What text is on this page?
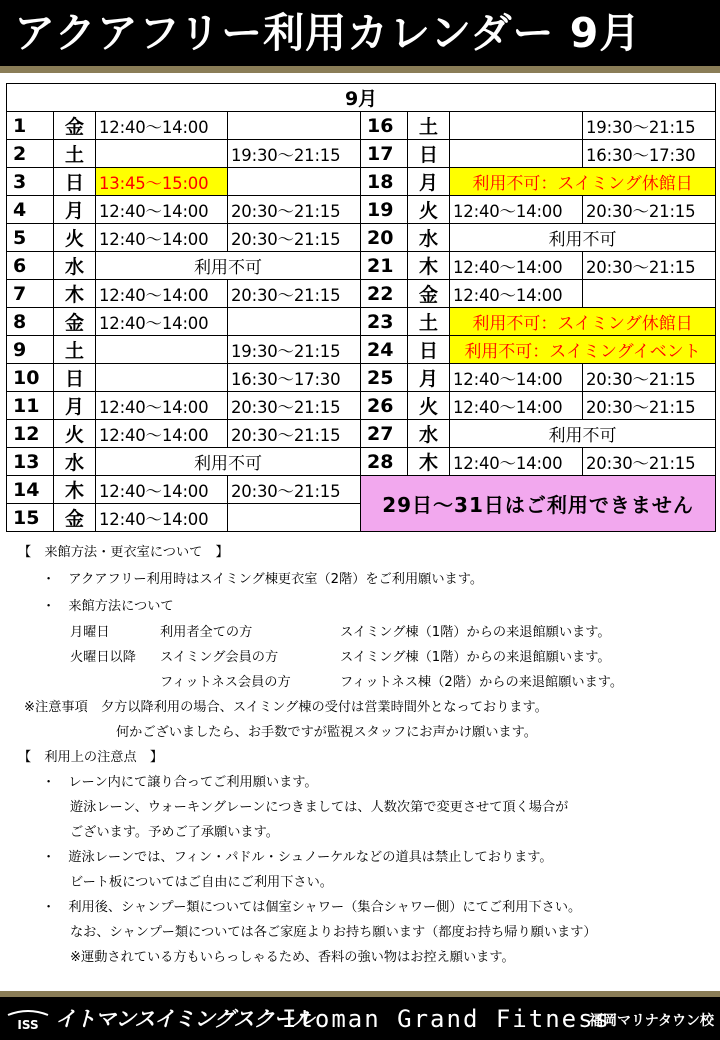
アクアフリー利用カレンダー 9月
9月							
1	金	12:40～14:00		16	土		19:30～21:15
2	土		19:30～21:15	17	日		16:30～17:30
3	日	13:45～15:00		18	月	利用不可：スイミング休館日	
4	月	12:40～14:00	20:30～21:15	19	火	12:40～14:00	20:30～21:15
5	火	12:40～14:00	20:30～21:15	20	水	利用不可	
6	水	利用不可		21	木	12:40～14:00	20:30～21:15
7	木	12:40～14:00	20:30～21:15	22	金	12:40～14:00	
8	金	12:40～14:00		23	土	利用不可：スイミング休館日	
9	土		19:30～21:15	24	日	利用不可：スイミングイベント	
10	日		16:30～17:30	25	月	12:40～14:00	20:30～21:15
11	月	12:40～14:00	20:30～21:15	26	火	12:40～14:00	20:30～21:15
12	火	12:40～14:00	20:30～21:15	27	水	利用不可	
13	水	利用不可		28	木	12:40～14:00	20:30～21:15
14	木	12:40～14:00	20:30～21:15	29日～31日はご利用できません			
15	金	12:40～14:00					
【　来館方法・更衣室について　】
・　アクアフリー利用時はスイミング棟更衣室（2階）をご利用願います。
・　来館方法について
月曜日	利用者全ての方	スイミング棟（1階）からの来退館願います。
火曜日以降 スイミング会員の方	スイミング棟（1階）からの来退館願います。
フィットネス会員の方	フィットネス棟（2階）からの来退館願います。
※注意事項　夕方以降利用の場合、スイミング棟の受付は営業時間外となっております。
何かございましたら、お手数ですが監視スタッフにお声かけ願います。
【　利用上の注意点　】
・　レーン内にて譲り合ってご利用願います。
遊泳レーン、ウォーキングレーンにつきましては、人数次第で変更させて頂く場合が
ございます。予めご了承願います。
・　遊泳レーンでは、フィン・パドル・シュノーケルなどの道具は禁止しております。
ビート板についてはご自由にご利用下さい。
・　利用後、シャンプー類については個室シャワー（集合シャワー側）にてご利用下さい。
なお、シャンプー類については各ご家庭よりお持ち願います（都度お持ち帰り願います）
※運動されている方もいらっしゃるため、香料の強い物はお控え願います。
ISS イトマンスイミングスクール
Itoman Grand Fitness
福岡マリナタウン校
